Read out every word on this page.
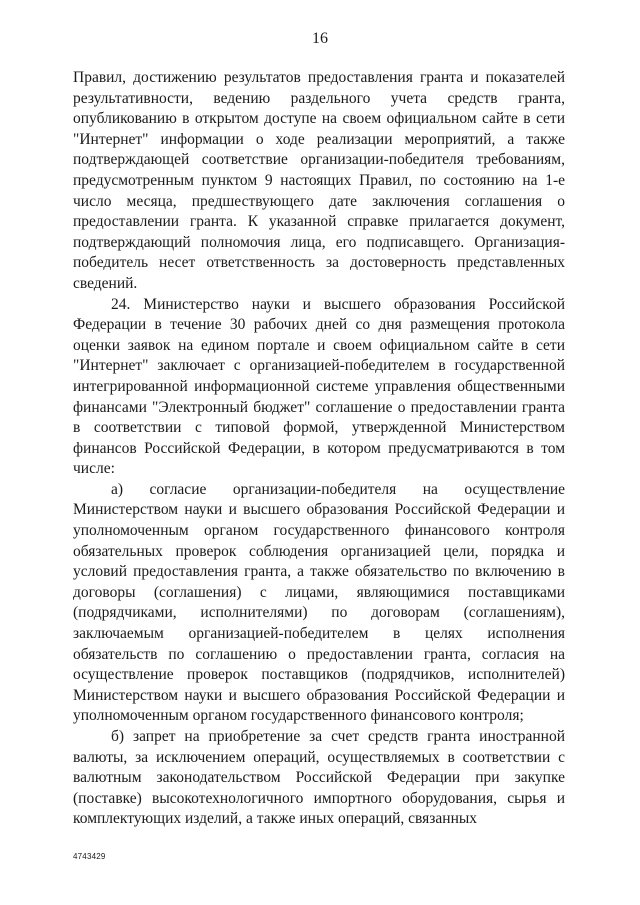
16

Правил, достижению результатов предоставления гранта и показателей результативности, ведению раздельного учета средств гранта, опубликованию в открытом доступе на своем официальном сайте в сети "Интернет" информации о ходе реализации мероприятий, а также подтверждающей соответствие организации-победителя требованиям, предусмотренным пунктом 9 настоящих Правил, по состоянию на 1-е число месяца, предшествующего дате заключения соглашения о предоставлении гранта. К указанной справке прилагается документ, подтверждающий полномочия лица, его подписавщего. Организация-победитель несет ответственность за достоверность представленных сведений.

24. Министерство науки и высшего образования Российской Федерации в течение 30 рабочих дней со дня размещения протокола оценки заявок на едином портале и своем официальном сайте в сети "Интернет" заключает с организацией-победителем в государственной интегрированной информационной системе управления общественными финансами "Электронный бюджет" соглашение о предоставлении гранта в соответствии с типовой формой, утвержденной Министерством финансов Российской Федерации, в котором предусматриваются в том числе:

а) согласие организации-победителя на осуществление Министерством науки и высшего образования Российской Федерации и уполномоченным органом государственного финансового контроля обязательных проверок соблюдения организацией цели, порядка и условий предоставления гранта, а также обязательство по включению в договоры (соглашения) с лицами, являющимися поставщиками (подрядчиками, исполнителями) по договорам (соглашениям), заключаемым организацией-победителем в целях исполнения обязательств по соглашению о предоставлении гранта, согласия на осуществление проверок поставщиков (подрядчиков, исполнителей) Министерством науки и высшего образования Российской Федерации и уполномоченным органом государственного финансового контроля;

б) запрет на приобретение за счет средств гранта иностранной валюты, за исключением операций, осуществляемых в соответствии с валютным законодательством Российской Федерации при закупке (поставке) высокотехнологичного импортного оборудования, сырья и комплектующих изделий, а также иных операций, связанных

4743429
